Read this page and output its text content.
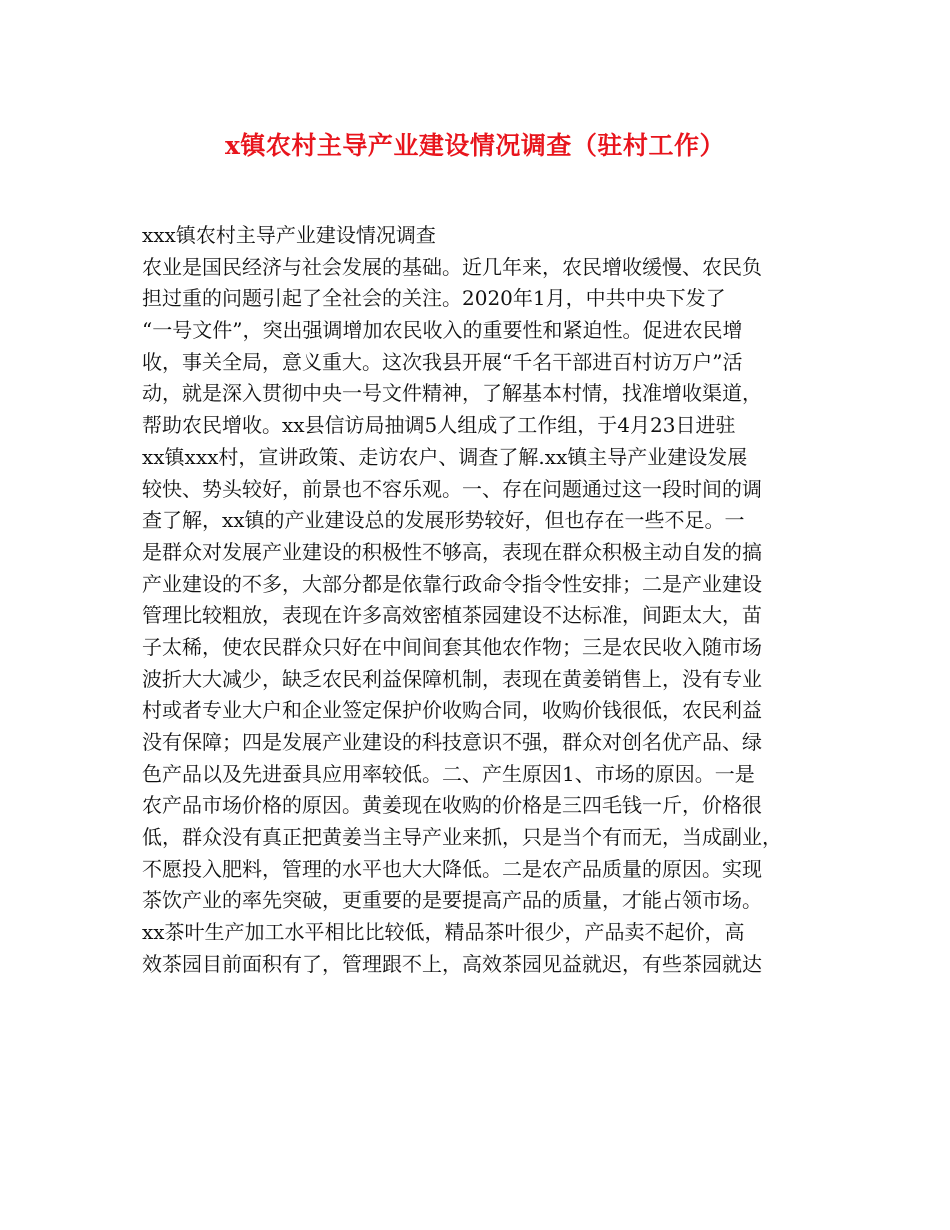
x镇农村主导产业建设情况调查（驻村工作）
xxx镇农村主导产业建设情况调查
农业是国民经济与社会发展的基础。近几年来，农民增收缓慢、农民负
担过重的问题引起了全社会的关注。2020年1月，中共中央下发了
“一号文件”，突出强调增加农民收入的重要性和紧迫性。促进农民增
收，事关全局，意义重大。这次我县开展“千名干部进百村访万户”活
动，就是深入贯彻中央一号文件精神，了解基本村情，找准增收渠道，
帮助农民增收。xx县信访局抽调5人组成了工作组，于4月23日进驻
xx镇xxx村，宣讲政策、走访农户、调查了解.xx镇主导产业建设发展
较快、势头较好，前景也不容乐观。一、存在问题通过这一段时间的调
查了解，xx镇的产业建设总的发展形势较好，但也存在一些不足。一
是群众对发展产业建设的积极性不够高，表现在群众积极主动自发的搞
产业建设的不多，大部分都是依靠行政命令指令性安排；二是产业建设
管理比较粗放，表现在许多高效密植茶园建设不达标准，间距太大，苗
子太稀，使农民群众只好在中间间套其他农作物；三是农民收入随市场
波折大大减少，缺乏农民利益保障机制，表现在黄姜销售上，没有专业
村或者专业大户和企业签定保护价收购合同，收购价钱很低，农民利益
没有保障；四是发展产业建设的科技意识不强，群众对创名优产品、绿
色产品以及先进蚕具应用率较低。二、产生原因1、市场的原因。一是
农产品市场价格的原因。黄姜现在收购的价格是三四毛钱一斤，价格很
低，群众没有真正把黄姜当主导产业来抓，只是当个有而无，当成副业，
不愿投入肥料，管理的水平也大大降低。二是农产品质量的原因。实现
茶饮产业的率先突破，更重要的是要提高产品的质量，才能占领市场。
xx茶叶生产加工水平相比比较低，精品茶叶很少，产品卖不起价，高
效茶园目前面积有了，管理跟不上，高效茶园见益就迟，有些茶园就达
